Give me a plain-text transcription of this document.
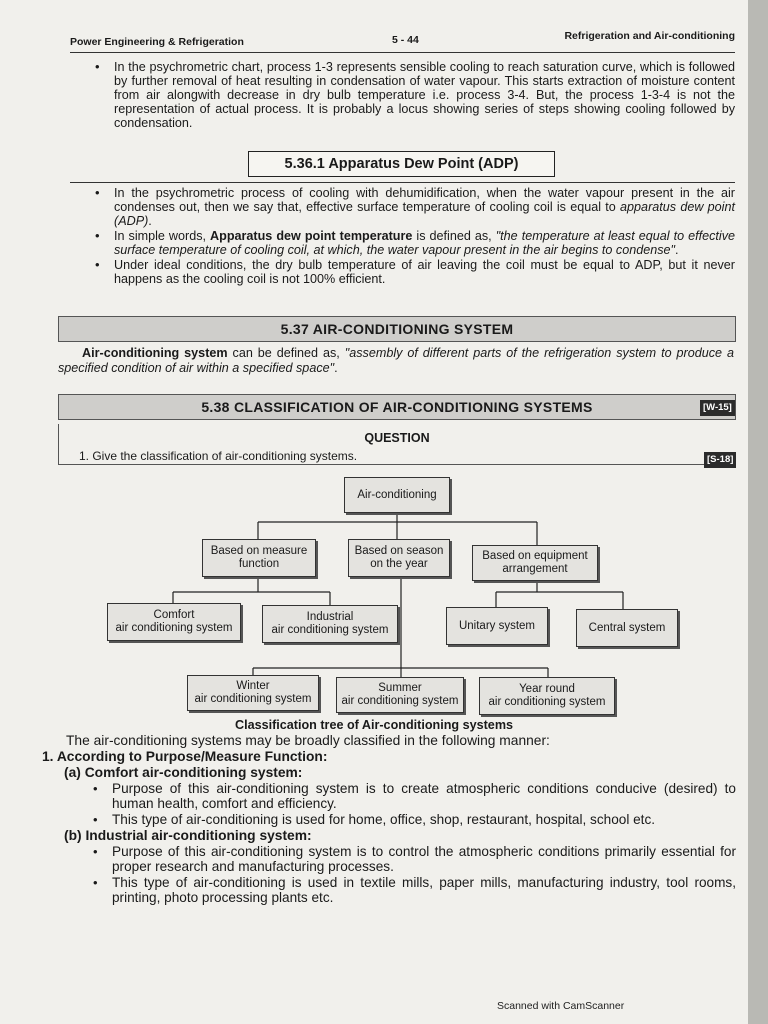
Power Engineering & Refrigeration	5 - 44	Refrigeration and Air-conditioning
• In the psychrometric chart, process 1-3 represents sensible cooling to reach saturation curve, which is followed by further removal of heat resulting in condensation of water vapour. This starts extraction of moisture content from air alongwith decrease in dry bulb temperature i.e. process 3-4. But, the process 1-3-4 is not the representation of actual process. It is probably a locus showing series of steps showing cooling followed by condensation.
5.36.1 Apparatus Dew Point (ADP)
• In the psychrometric process of cooling with dehumidification, when the water vapour present in the air condenses out, then we say that, effective surface temperature of cooling coil is equal to apparatus dew point (ADP).
• In simple words, Apparatus dew point temperature is defined as, "the temperature at least equal to effective surface temperature of cooling coil, at which, the water vapour present in the air begins to condense".
• Under ideal conditions, the dry bulb temperature of air leaving the coil must be equal to ADP, but it never happens as the cooling coil is not 100% efficient.
5.37 AIR-CONDITIONING SYSTEM
Air-conditioning system can be defined as, "assembly of different parts of the refrigeration system to produce a specified condition of air within a specified space".
5.38 CLASSIFICATION OF AIR-CONDITIONING SYSTEMS	[W-15]
QUESTION
1. Give the classification of air-conditioning systems.	[S-18]
Air-conditioning
Based on measure
function
Based on season
on the year
Based on equipment
arrangement
Comfort
air conditioning system
Industrial
air conditioning system	Unitary system	Central system
Winter
air conditioning system
Summer
air conditioning system
Year round
air conditioning system
Classification tree of Air-conditioning systems
The air-conditioning systems may be broadly classified in the following manner:
1. According to Purpose/Measure Function:
(a) Comfort air-conditioning system:
• Purpose of this air-conditioning system is to create atmospheric conditions conducive (desired) to human health, comfort and efficiency.
• This type of air-conditioning is used for home, office, shop, restaurant, hospital, school etc.
(b) Industrial air-conditioning system:
• Purpose of this air-conditioning system is to control the atmospheric conditions primarily essential for proper research and manufacturing processes.
• This type of air-conditioning is used in textile mills, paper mills, manufacturing industry, tool rooms, printing, photo processing plants etc.
Scanned with CamScanner
